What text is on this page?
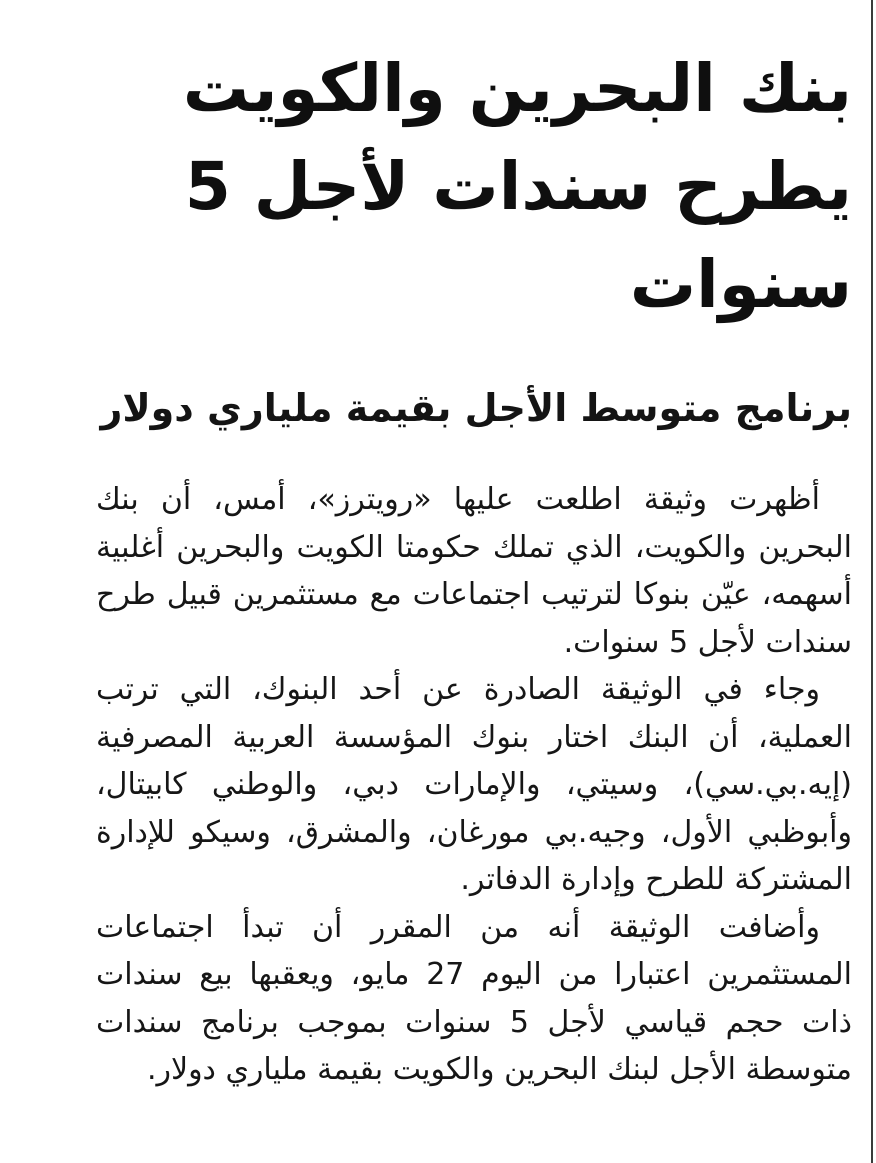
بنك البحرين والكويت يطرح سندات لأجل 5 سنوات
برنامج متوسط الأجل بقيمة ملياري دولار

أظهرت وثيقة اطلعت عليها «رويترز»، أمس، أن بنك البحرين والكويت، الذي تملك حكومتا الكويت والبحرين أغلبية أسهمه، عيّن بنوكا لترتيب اجتماعات مع مستثمرين قبيل طرح سندات لأجل 5 سنوات.

وجاء في الوثيقة الصادرة عن أحد البنوك، التي ترتب العملية، أن البنك اختار بنوك المؤسسة العربية المصرفية (إيه.بي.سي)، وسيتي، والإمارات دبي، والوطني كابيتال، وأبوظبي الأول، وجيه.بي مورغان، والمشرق، وسيكو للإدارة المشتركة للطرح وإدارة الدفاتر.

وأضافت الوثيقة أنه من المقرر أن تبدأ اجتماعات المستثمرين اعتبارا من اليوم 27 مايو، ويعقبها بيع سندات ذات حجم قياسي لأجل 5 سنوات بموجب برنامج سندات متوسطة الأجل لبنك البحرين والكويت بقيمة ملياري دولار.
